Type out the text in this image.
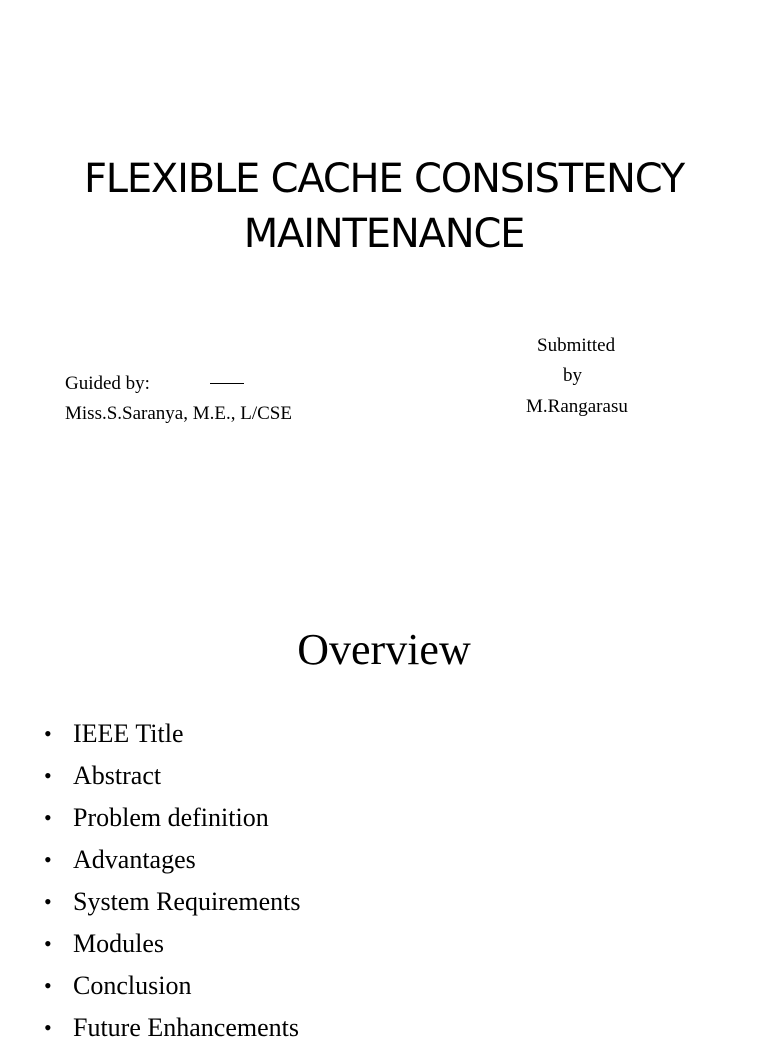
FLEXIBLE CACHE CONSISTENCY
MAINTENANCE
Guided by:
Miss.S.Saranya, M.E., L/CSE
Submitted
by
M.Rangarasu
Overview
• IEEE Title
• Abstract
• Problem definition
• Advantages
• System Requirements
• Modules
• Conclusion
• Future Enhancements
